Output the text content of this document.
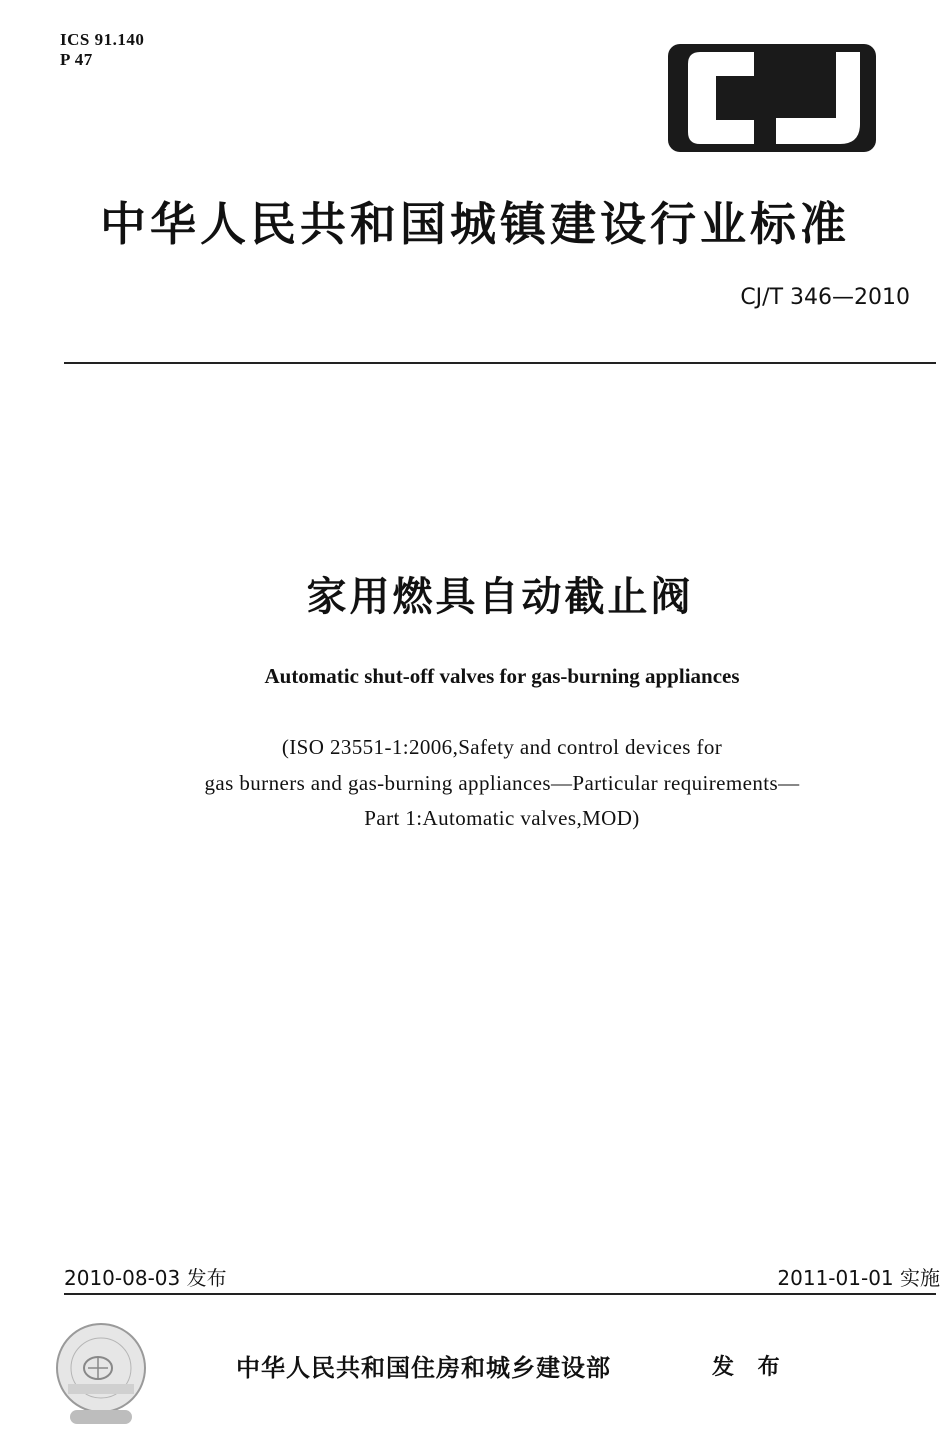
ICS 91.140
P 47
CJ
中华人民共和国城镇建设行业标准
CJ/T 346—2010
家用燃具自动截止阀
Automatic shut-off valves for gas-burning appliances
(ISO 23551-1:2006,Safety and control devices for
gas burners and gas-burning appliances—Particular requirements—
Part 1:Automatic valves,MOD)
2010-08-03 发布	2011-01-01 实施
中华人民共和国住房和城乡建设部	发 布
